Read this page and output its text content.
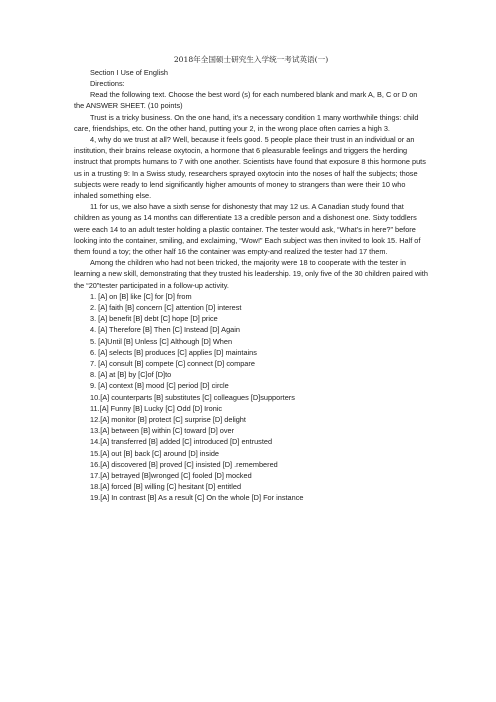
2018年全国硕士研究生入学统一考试英语(一)

Section I Use of English

Directions:

Read the following text. Choose the best word (s) for each numbered blank and mark A, B, C or D on the ANSWER SHEET. (10 points)

Trust is a tricky business. On the one hand, it's a necessary condition 1 many worthwhile things: child care, friendships, etc. On the other hand, putting your 2, in the wrong place often carries a high 3.

4, why do we trust at all? Well, because it feels good. 5 people place their trust in an individual or an institution, their brains release oxytocin, a hormone that 6 pleasurable feelings and triggers the herding instruct that prompts humans to 7 with one another. Scientists have found that exposure 8 this hormone puts us in a trusting 9: In a Swiss study, researchers sprayed oxytocin into the noses of half the subjects; those subjects were ready to lend significantly higher amounts of money to strangers than were their 10 who inhaled something else.

11 for us, we also have a sixth sense for dishonesty that may 12 us. A Canadian study found that children as young as 14 months can differentiate 13 a credible person and a dishonest one. Sixty toddlers were each 14 to an adult tester holding a plastic container. The tester would ask, “What’s in here?” before looking into the container, smiling, and exclaiming, “Wow!” Each subject was then invited to look 15. Half of them found a toy; the other half 16 the container was empty-and realized the tester had 17 them.

Among the children who had not been tricked, the majority were 18 to cooperate with the tester in learning a new skill, demonstrating that they trusted his leadership. 19, only five of the 30 children paired with the “20”tester participated in a follow-up activity.

1. [A] on [B] like [C] for [D] from

2. [A] faith [B] concern [C] attention [D] interest

3. [A] benefit [B] debt [C] hope [D] price

4. [A] Therefore [B] Then [C] Instead [D] Again

5. [A]Until [B] Unless [C] Although [D] When

6. [A] selects [B] produces [C] applies [D] maintains

7. [A] consult [B] compete [C] connect [D] compare

8. [A] at [B] by [C]of [D]to

9. [A] context [B] mood [C] period [D] circle

10.[A] counterparts [B] substitutes [C] colleagues [D]supporters

11.[A] Funny [B] Lucky [C] Odd [D] Ironic

12.[A] monitor [B] protect [C] surprise [D] delight

13.[A] between [B] within [C] toward [D] over

14.[A] transferred [B] added [C] introduced [D] entrusted

15.[A] out [B] back [C] around [D] inside

16.[A] discovered [B] proved [C] insisted [D] .remembered

17.[A] betrayed [B]wronged [C] fooled [D] mocked

18.[A] forced [B] willing [C] hesitant [D] entitled

19.[A] In contrast [B] As a result [C] On the whole [D] For instance
